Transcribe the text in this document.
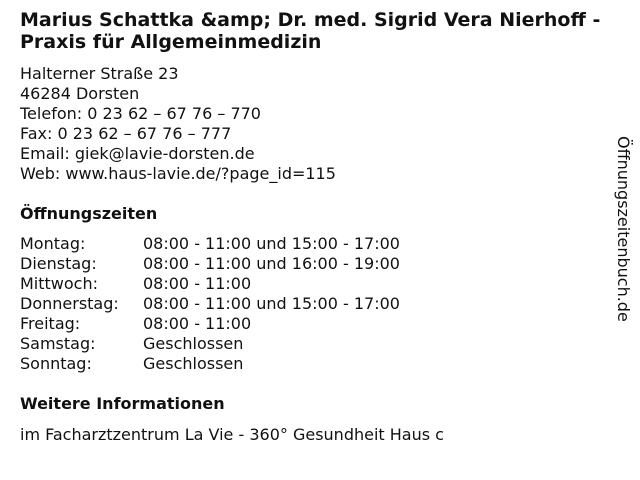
Marius Schattka &amp; Dr. med. Sigrid Vera Nierhoff - Praxis für Allgemeinmedizin
Halterner Straße 23
46284 Dorsten
Telefon: 0 23 62 – 67 76 – 770
Fax: 0 23 62 – 67 76 – 777
Email: giek@lavie-dorsten.de
Web: www.haus-lavie.de/?page_id=115
Öffnungszeiten
Montag:	08:00 - 11:00 und 15:00 - 17:00
Dienstag:	08:00 - 11:00 und 16:00 - 19:00
Mittwoch:	08:00 - 11:00
Donnerstag:	08:00 - 11:00 und 15:00 - 17:00
Freitag:	08:00 - 11:00
Samstag:	Geschlossen
Sonntag:	Geschlossen
Weitere Informationen
im Facharztzentrum La Vie - 360° Gesundheit Haus c
Öffnungszeitenbuch.de
